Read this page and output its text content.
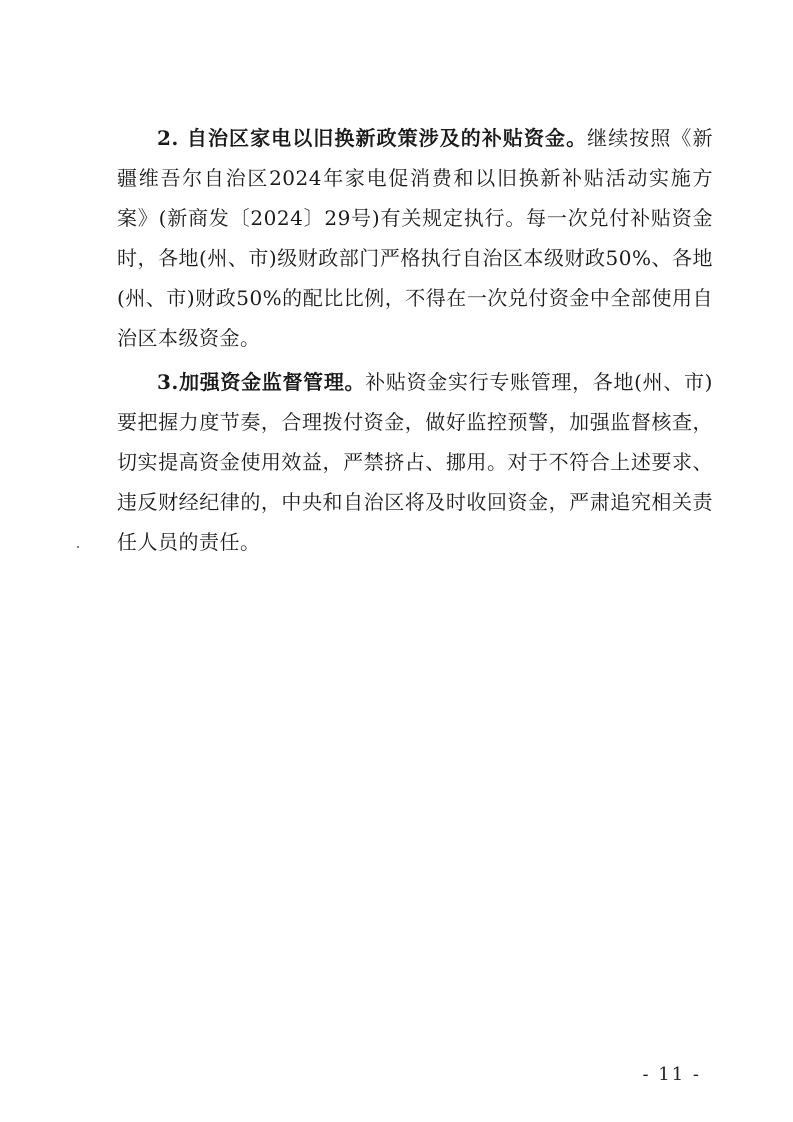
2. 自治区家电以旧换新政策涉及的补贴资金。继续按照《新疆维吾尔自治区2024年家电促消费和以旧换新补贴活动实施方案》(新商发〔2024〕29号)有关规定执行。每一次兑付补贴资金时，各地(州、市)级财政部门严格执行自治区本级财政50%、各地(州、市)财政50%的配比比例，不得在一次兑付资金中全部使用自治区本级资金。

3.加强资金监督管理。补贴资金实行专账管理，各地(州、市)要把握力度节奏，合理拨付资金，做好监控预警，加强监督核查，切实提高资金使用效益，严禁挤占、挪用。对于不符合上述要求、违反财经纪律的，中央和自治区将及时收回资金，严肃追究相关责任人员的责任。

- 11 -
